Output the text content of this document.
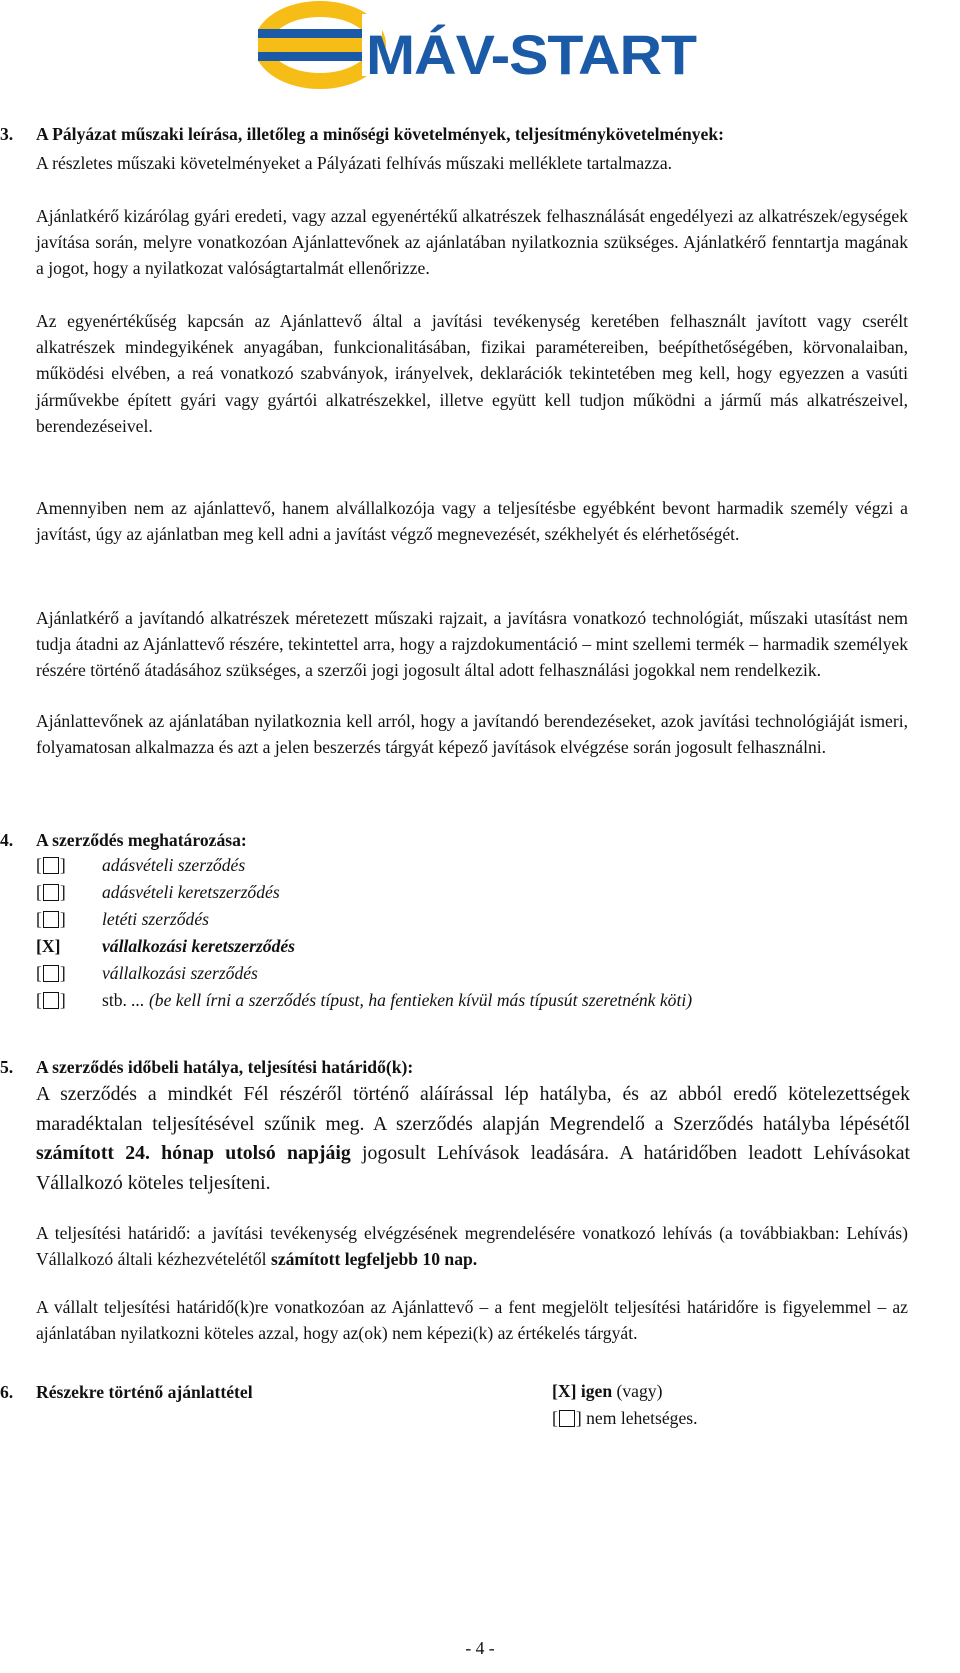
MÁV-START
3. A Pályázat műszaki leírása, illetőleg a minőségi követelmények, teljesítménykövetelmények:

A részletes műszaki követelményeket a Pályázati felhívás műszaki melléklete tartalmazza.

Ajánlatkérő kizárólag gyári eredeti, vagy azzal egyenértékű alkatrészek felhasználását engedélyezi az alkatrészek/egységek javítása során, melyre vonatkozóan Ajánlattevőnek az ajánlatában nyilatkoznia szükséges. Ajánlatkérő fenntartja magának a jogot, hogy a nyilatkozat valóságtartalmát ellenőrizze.

Az egyenértékűség kapcsán az Ajánlattevő által a javítási tevékenység keretében felhasznált javított vagy cserélt alkatrészek mindegyikének anyagában, funkcionalitásában, fizikai paramétereiben, beépíthetőségében, körvonalaiban, működési elvében, a reá vonatkozó szabványok, irányelvek, deklarációk tekintetében meg kell, hogy egyezzen a vasúti járművekbe épített gyári vagy gyártói alkatrészekkel, illetve együtt kell tudjon működni a jármű más alkatrészeivel, berendezéseivel.

Amennyiben nem az ajánlattevő, hanem alvállalkozója vagy a teljesítésbe egyébként bevont harmadik személy végzi a javítást, úgy az ajánlatban meg kell adni a javítást végző megnevezését, székhelyét és elérhetőségét.

Ajánlatkérő a javítandó alkatrészek méretezett műszaki rajzait, a javításra vonatkozó technológiát, műszaki utasítást nem tudja átadni az Ajánlattevő részére, tekintettel arra, hogy a rajzdokumentáció – mint szellemi termék – harmadik személyek részére történő átadásához szükséges, a szerzői jogi jogosult által adott felhasználási jogokkal nem rendelkezik.

Ajánlattevőnek az ajánlatában nyilatkoznia kell arról, hogy a javítandó berendezéseket, azok javítási technológiáját ismeri, folyamatosan alkalmazza és azt a jelen beszerzés tárgyát képező javítások elvégzése során jogosult felhasználni.

4. A szerződés meghatározása:
[ ] adásvételi szerződés
[ ] adásvételi keretszerződés
[ ] letéti szerződés
[X] vállalkozási keretszerződés
[ ] vállalkozási szerződés
[ ] stb. ... (be kell írni a szerződés típust, ha fentieken kívül más típusút szeretnénk köti)
5. A szerződés időbeli hatálya, teljesítési határidő(k):

A szerződés a mindkét Fél részéről történő aláírással lép hatályba, és az abból eredő kötelezettségek maradéktalan teljesítésével szűnik meg. A szerződés alapján Megrendelő a Szerződés hatályba lépésétől számított 24. hónap utolsó napjáig jogosult Lehívások leadására. A határidőben leadott Lehívásokat Vállalkozó köteles teljesíteni.

A teljesítési határidő: a javítási tevékenység elvégzésének megrendelésére vonatkozó lehívás (a továbbiakban: Lehívás) Vállalkozó általi kézhezvételétől számított legfeljebb 10 nap.

A vállalt teljesítési határidő(k)re vonatkozóan az Ajánlattevő – a fent megjelölt teljesítési határidőre is figyelemmel – az ajánlatában nyilatkozni köteles azzal, hogy az(ok) nem képezi(k) az értékelés tárgyát.

6. Részekre történő ajánlattétel	[X] igen (vagy)
[ ] nem lehetséges.
- 4 -
